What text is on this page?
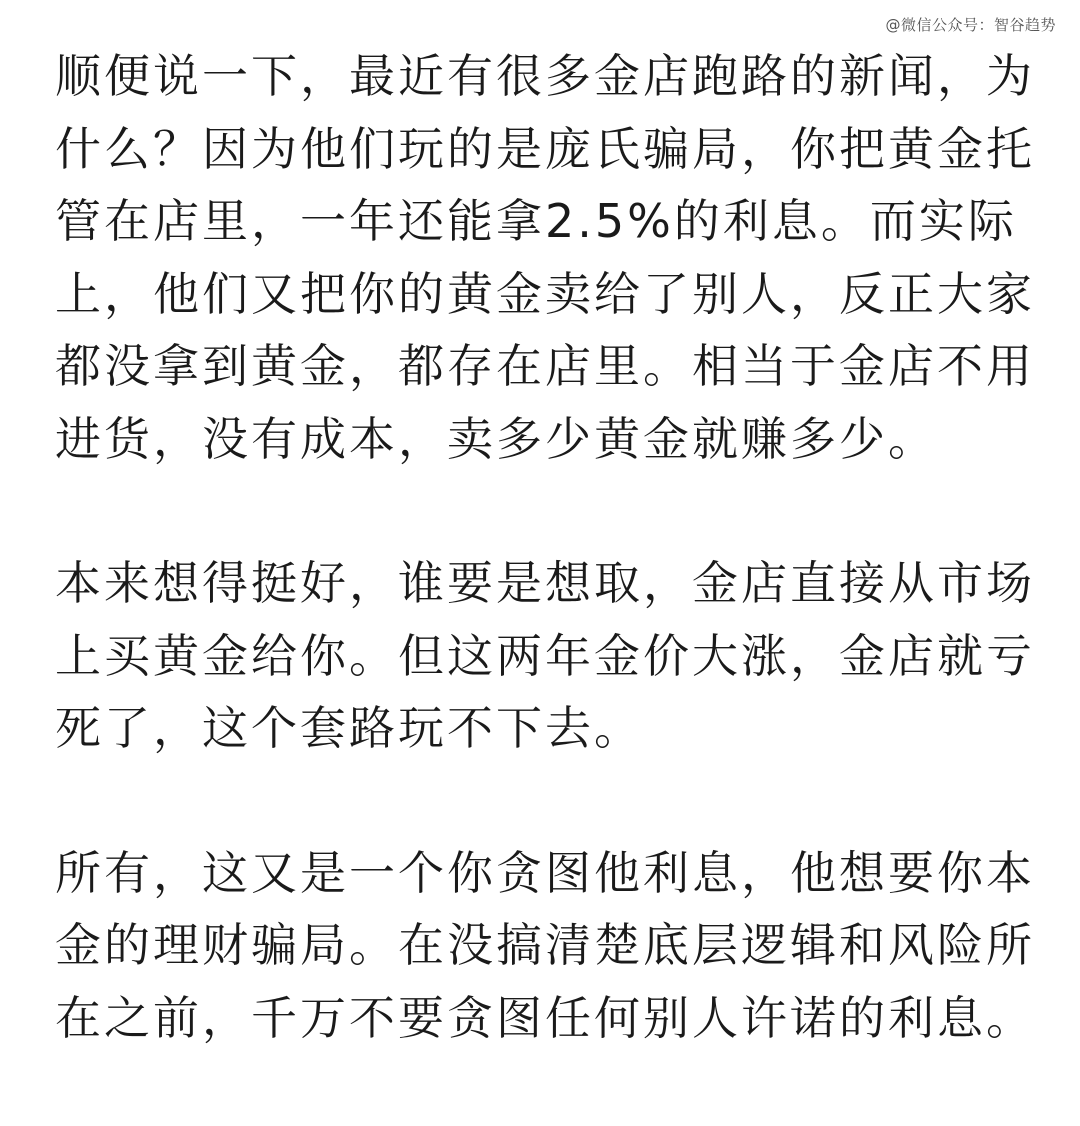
@微信公众号：智谷趋势
顺便说一下，最近有很多金店跑路的新闻，为
什么？因为他们玩的是庞氏骗局，你把黄金托
管在店里，一年还能拿2.5%的利息。而实际
上，他们又把你的黄金卖给了别人，反正大家
都没拿到黄金，都存在店里。相当于金店不用
进货，没有成本，卖多少黄金就赚多少。
本来想得挺好，谁要是想取，金店直接从市场
上买黄金给你。但这两年金价大涨，金店就亏
死了，这个套路玩不下去。
所有，这又是一个你贪图他利息，他想要你本
金的理财骗局。在没搞清楚底层逻辑和风险所
在之前，千万不要贪图任何别人许诺的利息。
